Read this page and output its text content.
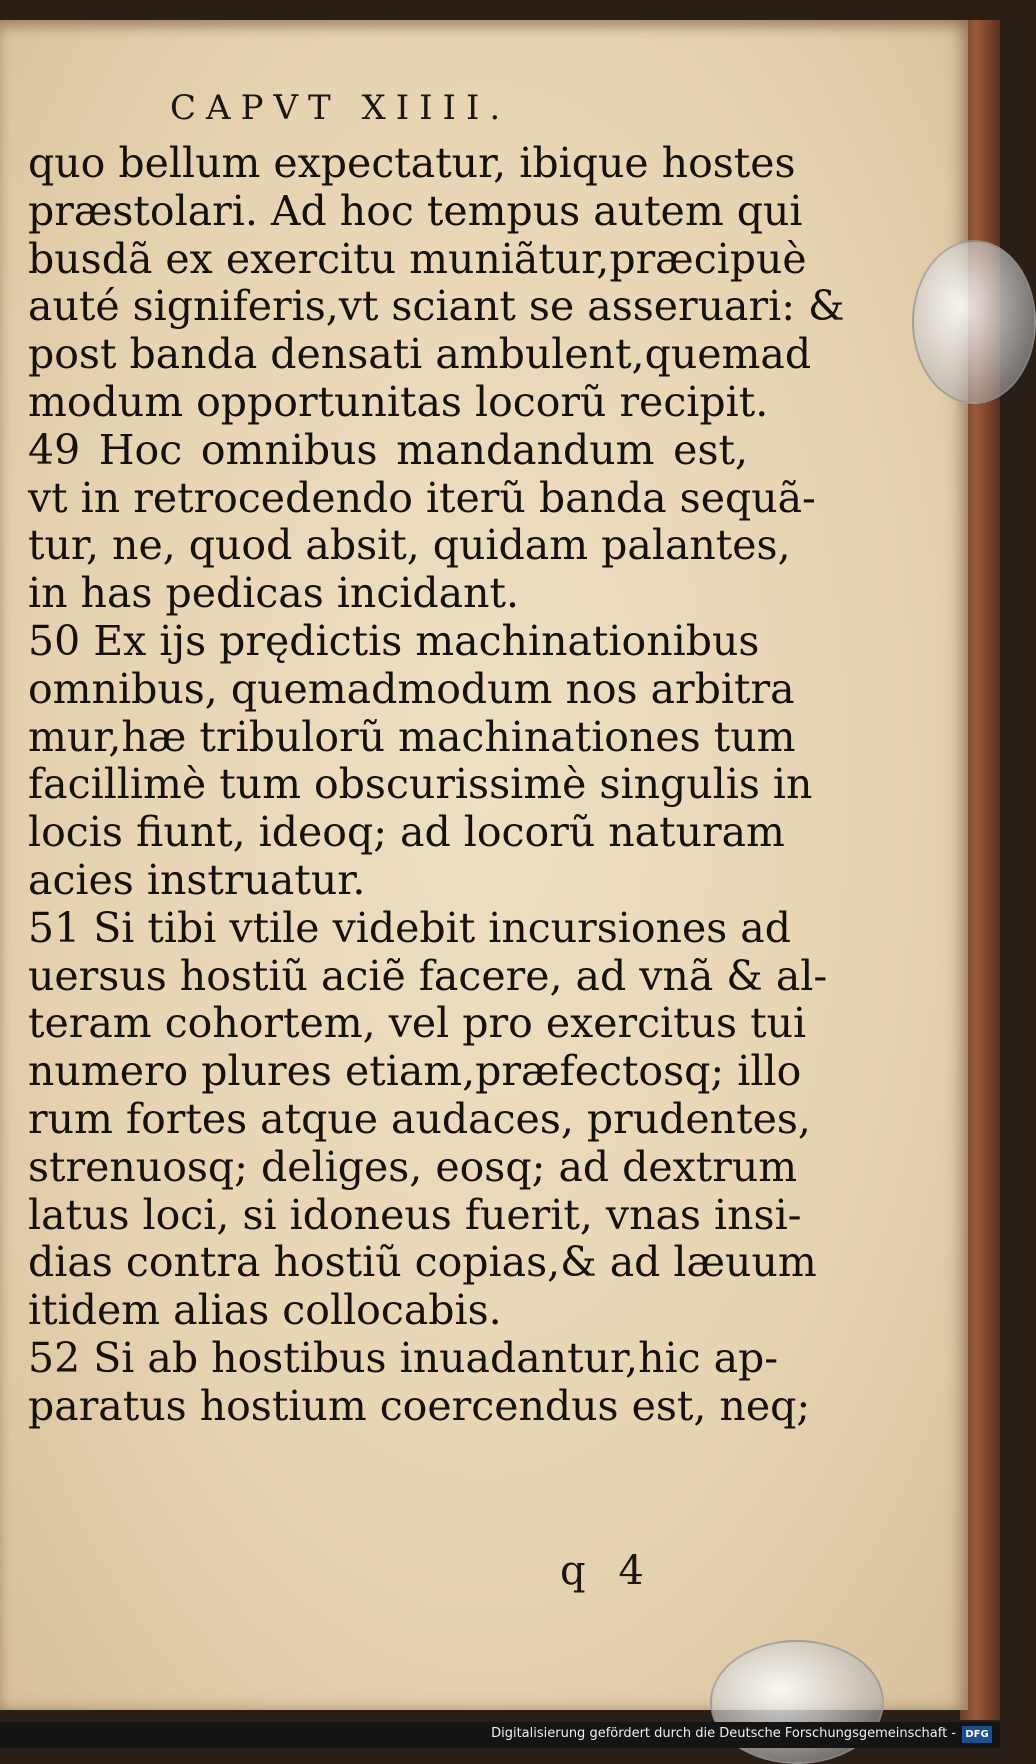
CAPVT XIIII.
quo bellum expectatur, ibique hostes
præstolari. Ad hoc tempus autem qui
busdã ex exercitu muniãtur,præcipuè
auté signiferis,vt sciant se asseruari: &
post banda densati ambulent,quemad
modum opportunitas locorũ recipit.
49 Hoc omnibus mandandum est,
vt in retrocedendo iterũ banda sequã-
tur, ne, quod absit, quidam palantes,
in has pedicas incidant.
50 Ex ijs prędictis machinationibus
omnibus, quemadmodum nos arbitra
mur,hæ tribulorũ machinationes tum
facillimè tum obscurissimè singulis in
locis fiunt, ideoq; ad locorũ naturam
acies instruatur.
51 Si tibi vtile videbit incursiones ad
uersus hostiũ aciẽ facere, ad vnã & al-
teram cohortem, vel pro exercitus tui
numero plures etiam,præfectosq; illo
rum fortes atque audaces, prudentes,
strenuosq; deliges, eosq; ad dextrum
latus loci, si idoneus fuerit, vnas insi-
dias contra hostiũ copias,& ad læuum
itidem alias collocabis.
52 Si ab hostibus inuadantur,hic ap-
paratus hostium coercendus est, neq;
q 4
Digitalisierung gefördert durch die Deutsche Forschungsgemeinschaft - DFG
